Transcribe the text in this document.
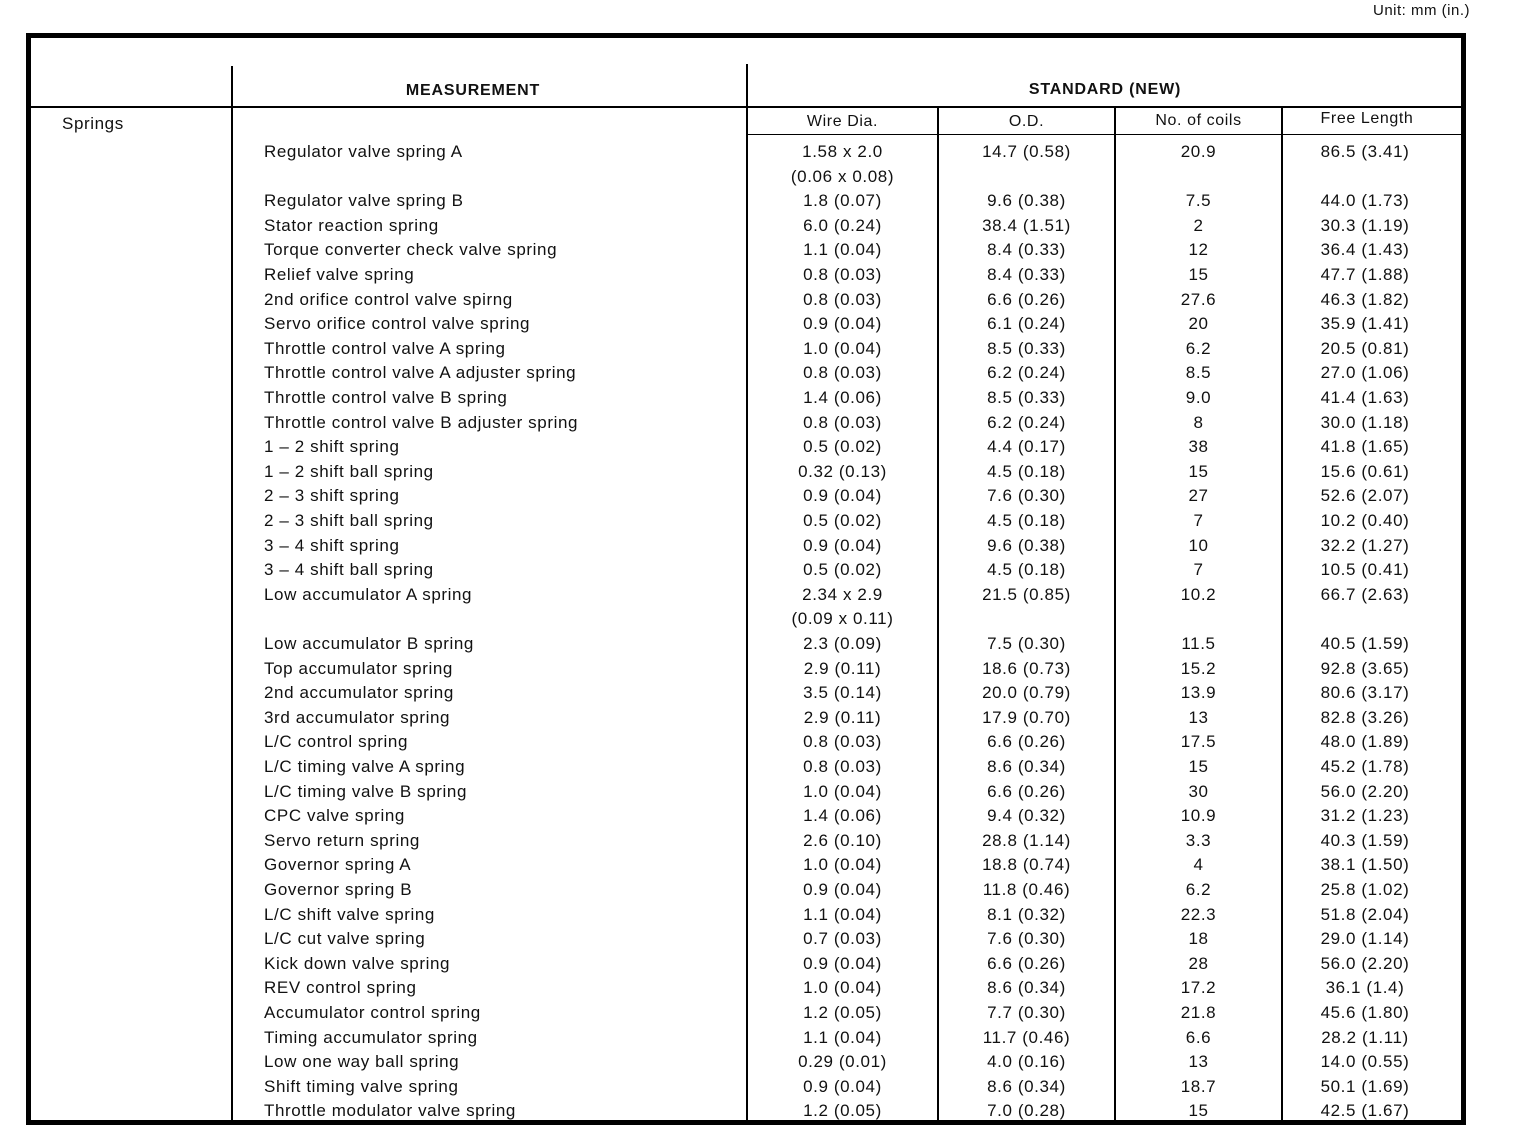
Unit: mm (in.)
MEASUREMENT	STANDARD (NEW)
Springs	Wire Dia.	O.D.	No. of coils	Free Length
Regulator valve spring A	1.58 x 2.0	14.7 (0.58)	20.9	86.5 (3.41)
(0.06 x 0.08)
Regulator valve spring B	1.8 (0.07)	9.6 (0.38)	7.5	44.0 (1.73)
Stator reaction spring	6.0 (0.24)	38.4 (1.51)	2	30.3 (1.19)
Torque converter check valve spring	1.1 (0.04)	8.4 (0.33)	12	36.4 (1.43)
Relief valve spring	0.8 (0.03)	8.4 (0.33)	15	47.7 (1.88)
2nd orifice control valve spirng	0.8 (0.03)	6.6 (0.26)	27.6	46.3 (1.82)
Servo orifice control valve spring	0.9 (0.04)	6.1 (0.24)	20	35.9 (1.41)
Throttle control valve A spring	1.0 (0.04)	8.5 (0.33)	6.2	20.5 (0.81)
Throttle control valve A adjuster spring	0.8 (0.03)	6.2 (0.24)	8.5	27.0 (1.06)
Throttle control valve B spring	1.4 (0.06)	8.5 (0.33)	9.0	41.4 (1.63)
Throttle control valve B adjuster spring	0.8 (0.03)	6.2 (0.24)	8	30.0 (1.18)
1 – 2 shift spring	0.5 (0.02)	4.4 (0.17)	38	41.8 (1.65)
1 – 2 shift ball spring	0.32 (0.13)	4.5 (0.18)	15	15.6 (0.61)
2 – 3 shift spring	0.9 (0.04)	7.6 (0.30)	27	52.6 (2.07)
2 – 3 shift ball spring	0.5 (0.02)	4.5 (0.18)	7	10.2 (0.40)
3 – 4 shift spring	0.9 (0.04)	9.6 (0.38)	10	32.2 (1.27)
3 – 4 shift ball spring	0.5 (0.02)	4.5 (0.18)	7	10.5 (0.41)
Low accumulator A spring	2.34 x 2.9	21.5 (0.85)	10.2	66.7 (2.63)
(0.09 x 0.11)
Low accumulator B spring	2.3 (0.09)	7.5 (0.30)	11.5	40.5 (1.59)
Top accumulator spring	2.9 (0.11)	18.6 (0.73)	15.2	92.8 (3.65)
2nd accumulator spring	3.5 (0.14)	20.0 (0.79)	13.9	80.6 (3.17)
3rd accumulator spring	2.9 (0.11)	17.9 (0.70)	13	82.8 (3.26)
L/C control spring	0.8 (0.03)	6.6 (0.26)	17.5	48.0 (1.89)
L/C timing valve A spring	0.8 (0.03)	8.6 (0.34)	15	45.2 (1.78)
L/C timing valve B spring	1.0 (0.04)	6.6 (0.26)	30	56.0 (2.20)
CPC valve spring	1.4 (0.06)	9.4 (0.32)	10.9	31.2 (1.23)
Servo return spring	2.6 (0.10)	28.8 (1.14)	3.3	40.3 (1.59)
Governor spring A	1.0 (0.04)	18.8 (0.74)	4	38.1 (1.50)
Governor spring B	0.9 (0.04)	11.8 (0.46)	6.2	25.8 (1.02)
L/C shift valve spring	1.1 (0.04)	8.1 (0.32)	22.3	51.8 (2.04)
L/C cut valve spring	0.7 (0.03)	7.6 (0.30)	18	29.0 (1.14)
Kick down valve spring	0.9 (0.04)	6.6 (0.26)	28	56.0 (2.20)
REV control spring	1.0 (0.04)	8.6 (0.34)	17.2	36.1 (1.4)
Accumulator control spring	1.2 (0.05)	7.7 (0.30)	21.8	45.6 (1.80)
Timing accumulator spring	1.1 (0.04)	11.7 (0.46)	6.6	28.2 (1.11)
Low one way ball spring	0.29 (0.01)	4.0 (0.16)	13	14.0 (0.55)
Shift timing valve spring	0.9 (0.04)	8.6 (0.34)	18.7	50.1 (1.69)
Throttle modulator valve spring	1.2 (0.05)	7.0 (0.28)	15	42.5 (1.67)
